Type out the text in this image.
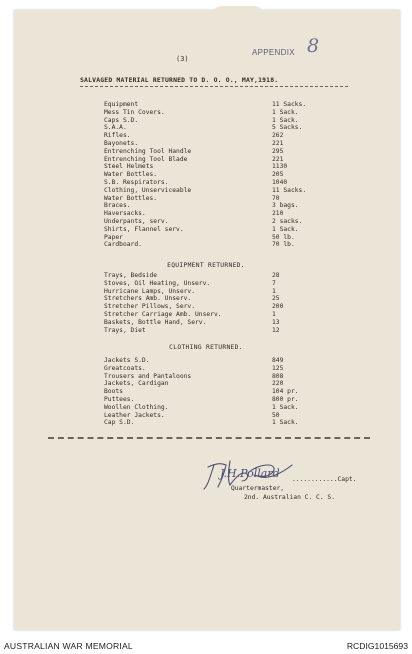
(3)
APPENDIX 8
SALVAGED MATERIAL RETURNED TO D. O. O., MAY,1918.
Equipment	11 Sacks.
Mess Tin Covers.	1 Sack.
Caps S.D.	1 Sack.
S.A.A.	5 Sacks.
Rifles.	262
Bayonets.	221
Entrenching Tool Handle	295
Entrenching Tool Blade	221
Steel Helmets	1130
Water Bottles.	205
S.B. Respirators.	1040
Clothing, Unserviceable	11 Sacks.
Water Bottles.	70
Braces.	3 bags.
Haversacks.	210
Underpants, serv.	2 sacks.
Shirts, Flannel serv.	1 Sack.
Paper	50 lb.
Cardboard.	70 lb.
EQUIPMENT RETURNED.
Trays, Bedside	28
Stoves, Oil Heating, Unserv.	7
Hurricane Lamps, Unserv.	1
Stretchers Amb. Unserv.	25
Stretcher Pillows, Serv.	200
Stretcher Carriage Amb. Unserv.	1
Baskets, Bottle Hand, Serv.	13
Trays, Diet	12
CLOTHING RETURNED.
Jackets S.D.	849
Greatcoats.	125
Trousers and Pantaloons	808
Jackets, Cardigan	220
Boots	104 pr.
Puttees.	800 pr.
Woollen Clothing.	1 Sack.
Leather Jackets.	50
Cap S.D.	1 Sack.
J.H.Pollard ............Capt.
Quartermaster,
2nd. Australian C. C. S.
AUSTRALIAN WAR MEMORIAL	RCDIG1015693
